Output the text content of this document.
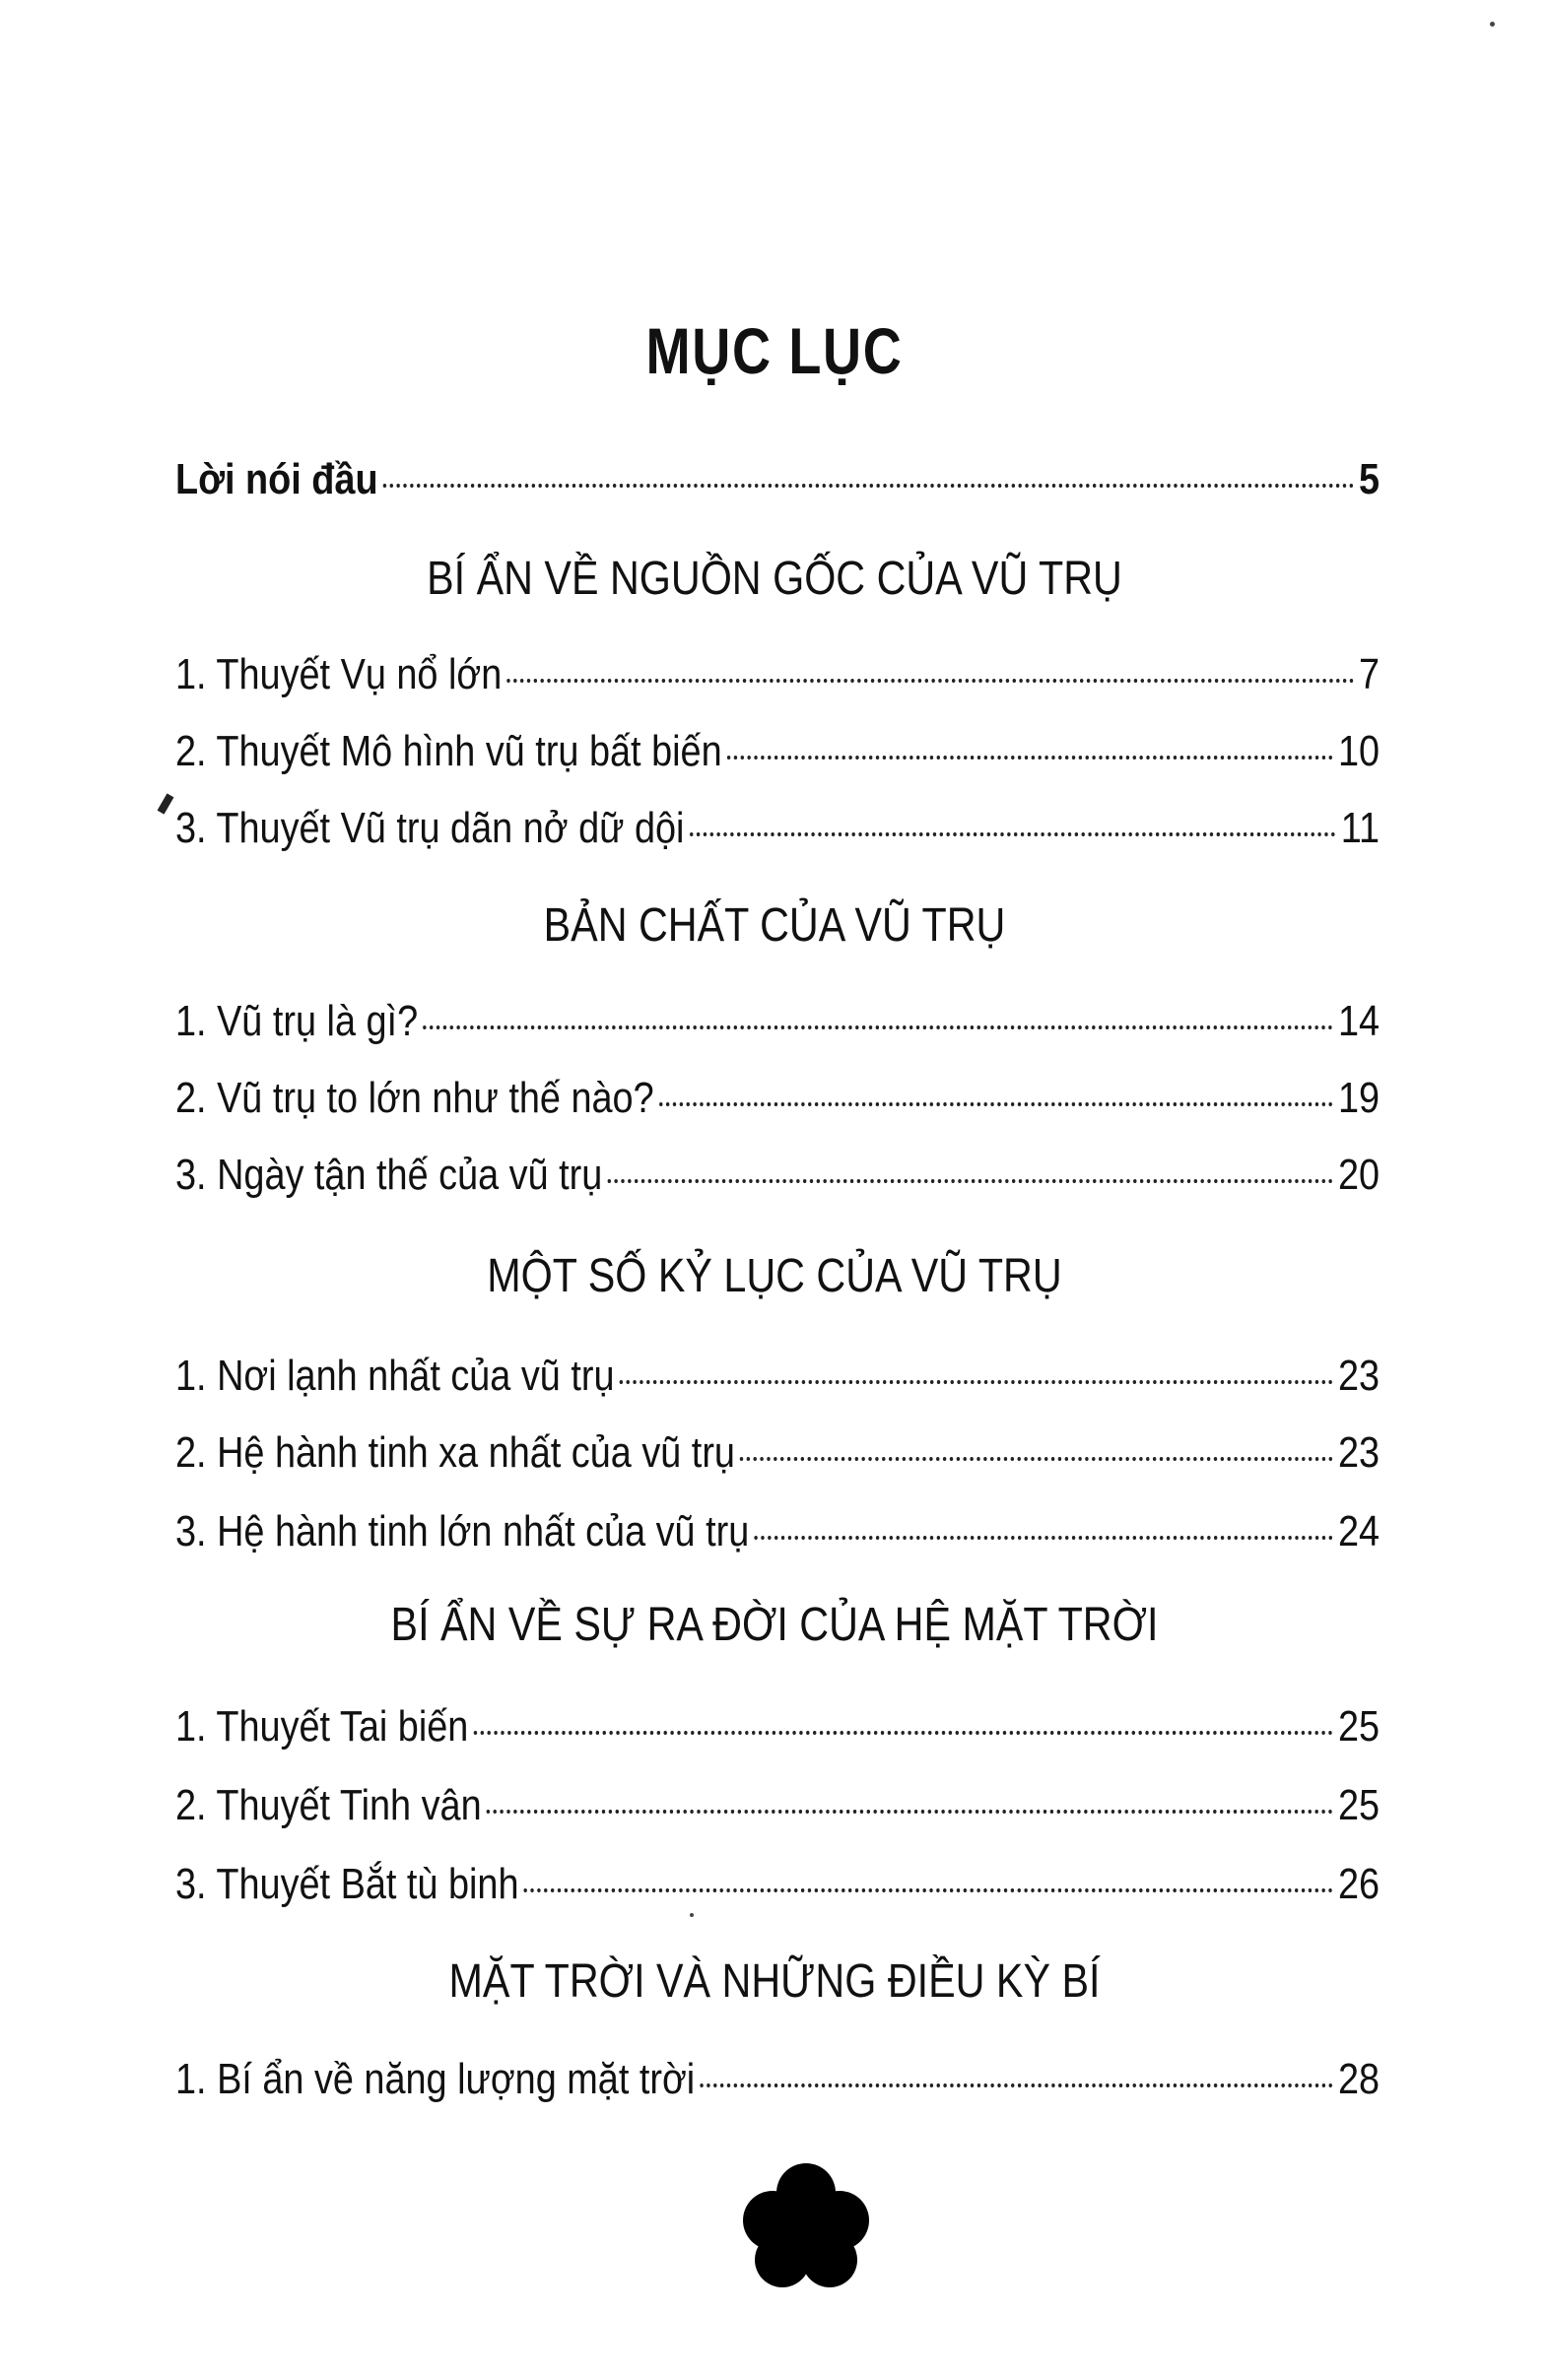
MỤC LỤC
Lời nói đầu	5
BÍ ẨN VỀ NGUỒN GỐC CỦA VŨ TRỤ
1. Thuyết Vụ nổ lớn	7
2. Thuyết Mô hình vũ trụ bất biến	10
3. Thuyết Vũ trụ dãn nở dữ dội	11
BẢN CHẤT CỦA VŨ TRỤ
1. Vũ trụ là gì?	14
2. Vũ trụ to lớn như thế nào?	19
3. Ngày tận thế của vũ trụ	20
MỘT SỐ KỶ LỤC CỦA VŨ TRỤ
1. Nơi lạnh nhất của vũ trụ	23
2. Hệ hành tinh xa nhất của vũ trụ	23
3. Hệ hành tinh lớn nhất của vũ trụ	24
BÍ ẨN VỀ SỰ RA ĐỜI CỦA HỆ MẶT TRỜI
1. Thuyết Tai biến	25
2. Thuyết Tinh vân	25
3. Thuyết Bắt tù binh	26
MẶT TRỜI VÀ NHỮNG ĐIỀU KỲ BÍ
1. Bí ẩn về năng lượng mặt trời	28
